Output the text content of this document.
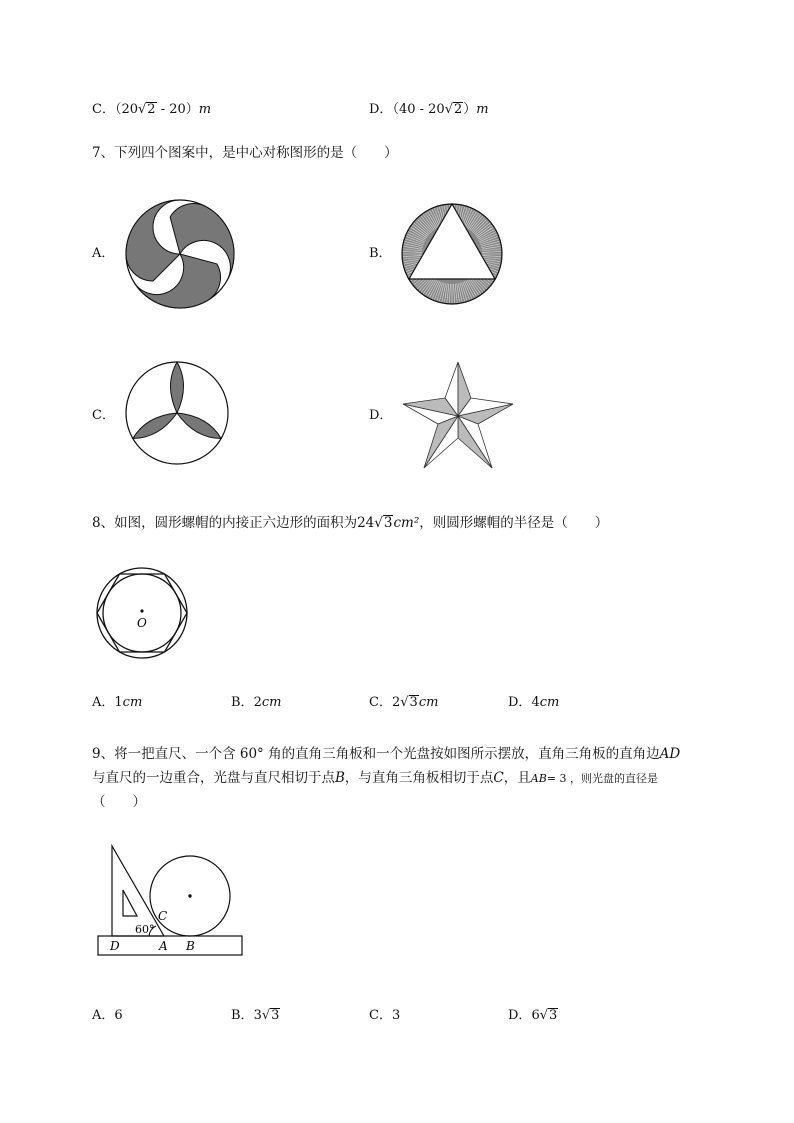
C．（20√2 - 20）m	D．（40 - 20√2）m
7、下列四个图案中，是中心对称图形的是（　　）
A．	B．
C．	D．
8、如图，圆形螺帽的内接正六边形的面积为24√3cm²，则圆形螺帽的半径是（　　）
O
A．1cm	B．2cm	C．2√3cm	D．4cm
9、将一把直尺、一个含 60° 角的直角三角板和一个光盘按如图所示摆放，直角三角板的直角边AD
与直尺的一边重合，光盘与直尺相切于点B，与直角三角板相切于点C，且AB= 3 ，则光盘的直径是
（　　）
D	A B
C
60°
A．6	B．3√3	C．3	D．6√3
